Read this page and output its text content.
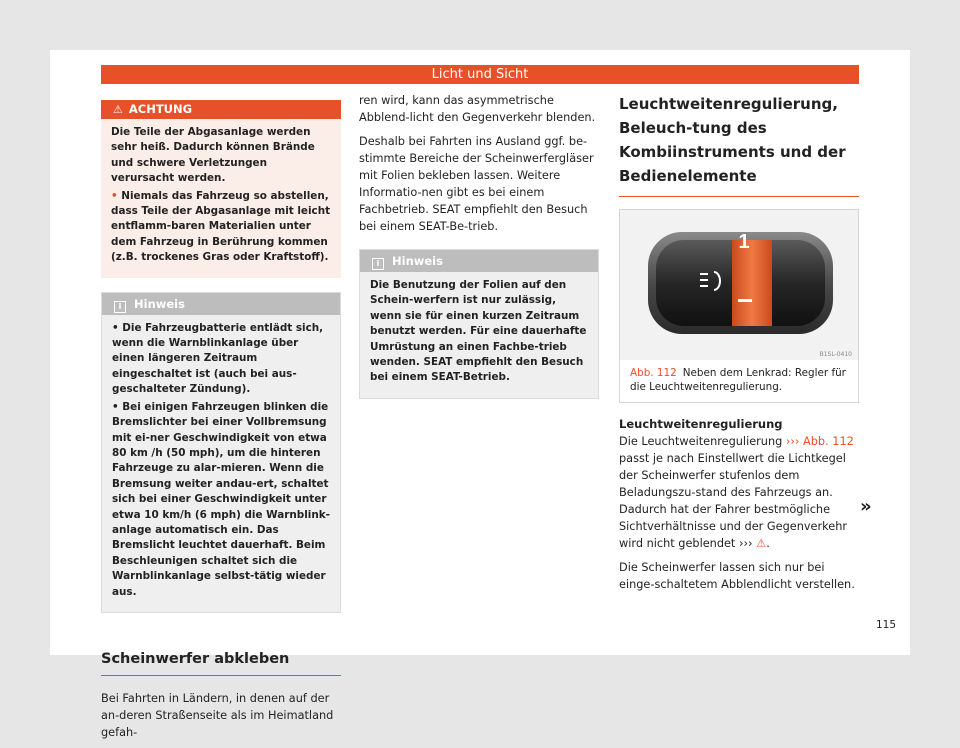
Licht und Sicht
⚠ ACHTUNG

Die Teile der Abgasanlage werden sehr heiß. Dadurch können Brände und schwere Verletzungen verursacht werden.

• Niemals das Fahrzeug so abstellen, dass Teile der Abgasanlage mit leicht entflamm-baren Materialien unter dem Fahrzeug in Berührung kommen (z.B. trockenes Gras oder Kraftstoff).

i Hinweis

• Die Fahrzeugbatterie entlädt sich, wenn die Warnblinkanlage über einen längeren Zeitraum eingeschaltet ist (auch bei aus-geschalteter Zündung).

• Bei einigen Fahrzeugen blinken die Bremslichter bei einer Vollbremsung mit ei-ner Geschwindigkeit von etwa 80 km /h (50 mph), um die hinteren Fahrzeuge zu alar-mieren. Wenn die Bremsung weiter andau-ert, schaltet sich bei einer Geschwindigkeit unter etwa 10 km/h (6 mph) die Warnblink-anlage automatisch ein. Das Bremslicht leuchtet dauerhaft. Beim Beschleunigen schaltet sich die Warnblinkanlage selbst-tätig wieder aus.

Scheinwerfer abkleben

Bei Fahrten in Ländern, in denen auf der an-deren Straßenseite als im Heimatland gefah-

ren wird, kann das asymmetrische Abblend-licht den Gegenverkehr blenden.

Deshalb bei Fahrten ins Ausland ggf. be-stimmte Bereiche der Scheinwerfergläser mit Folien bekleben lassen. Weitere Informatio-nen gibt es bei einem Fachbetrieb. SEAT empfiehlt den Besuch bei einem SEAT-Be-trieb.

i Hinweis

Die Benutzung der Folien auf den Schein-werfern ist nur zulässig, wenn sie für einen kurzen Zeitraum benutzt werden. Für eine dauerhafte Umrüstung an einen Fachbe-trieb wenden. SEAT empfiehlt den Besuch bei einem SEAT-Betrieb.

Leuchtweitenregulierung, Beleuch-tung des Kombiinstruments und der Bedienelemente
1
B1SL-0410
Abb. 112 Neben dem Lenkrad: Regler für die Leuchtweitenregulierung.
Leuchtweitenregulierung

Die Leuchtweitenregulierung ››› Abb. 112 passt je nach Einstellwert die Lichtkegel der Scheinwerfer stufenlos dem Beladungszu-stand des Fahrzeugs an. Dadurch hat der Fahrer bestmögliche Sichtverhältnisse und der Gegenverkehr wird nicht geblendet ››› ⚠.

Die Scheinwerfer lassen sich nur bei einge-schaltetem Abblendlicht verstellen.

»
115
